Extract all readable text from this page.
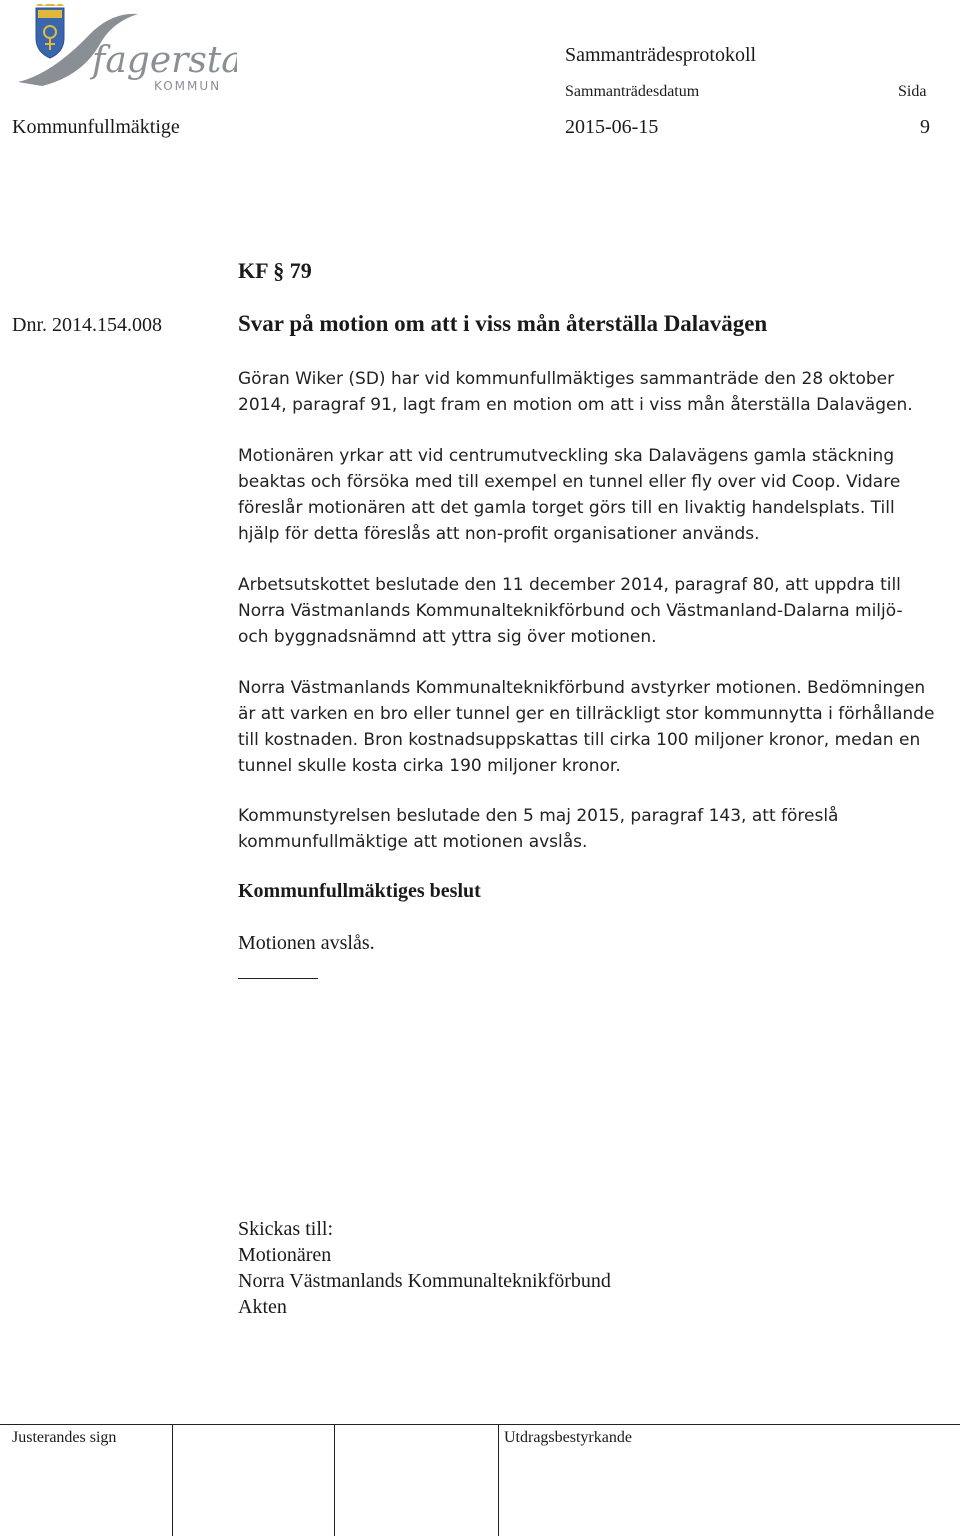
fagersta
KOMMUN
Sammanträdesprotokoll
Sammanträdesdatum	Sida
Kommunfullmäktige	2015-06-15	9
KF § 79
Dnr. 2014.154.008	Svar på motion om att i viss mån återställa Dalavägen

Göran Wiker (SD) har vid kommunfullmäktiges sammanträde den 28 oktober 2014, paragraf 91, lagt fram en motion om att i viss mån återställa Dalavägen.

Motionären yrkar att vid centrumutveckling ska Dalavägens gamla stäckning beaktas och försöka med till exempel en tunnel eller fly over vid Coop. Vidare föreslår motionären att det gamla torget görs till en livaktig handelsplats. Till hjälp för detta föreslås att non-profit organisationer används.

Arbetsutskottet beslutade den 11 december 2014, paragraf 80, att uppdra till Norra Västmanlands Kommunalteknikförbund och Västmanland-Dalarna miljö- och byggnadsnämnd att yttra sig över motionen.

Norra Västmanlands Kommunalteknikförbund avstyrker motionen. Bedömningen är att varken en bro eller tunnel ger en tillräckligt stor kommunnytta i förhållande till kostnaden. Bron kostnadsuppskattas till cirka 100 miljoner kronor, medan en tunnel skulle kosta cirka 190 miljoner kronor.

Kommunstyrelsen beslutade den 5 maj 2015, paragraf 143, att föreslå kommunfullmäktige att motionen avslås.

Kommunfullmäktiges beslut
Motionen avslås.
Skickas till:
Motionären
Norra Västmanlands Kommunalteknikförbund
Akten
Justerandes sign	Utdragsbestyrkande
